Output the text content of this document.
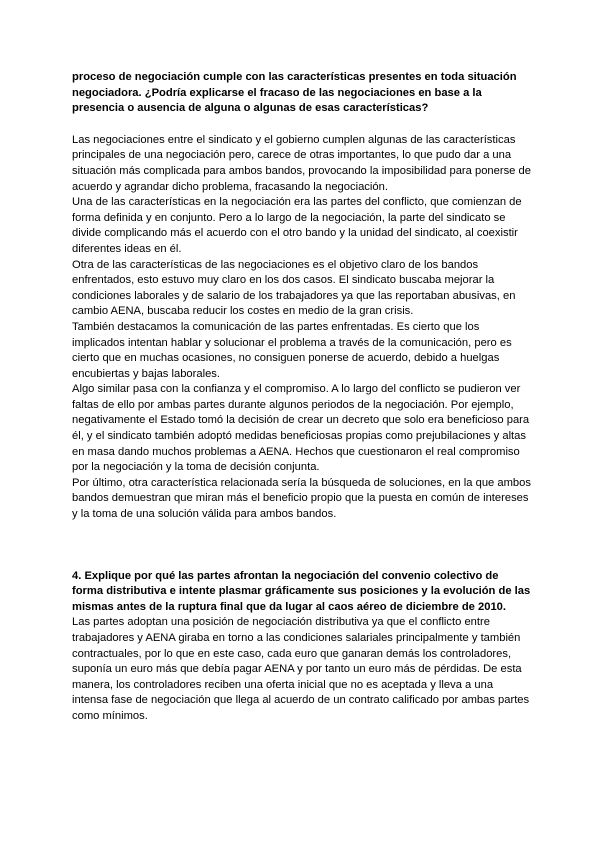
proceso de negociación cumple con las características presentes en toda situación negociadora. ¿Podría explicarse el fracaso de las negociaciones en base a la presencia o ausencia de alguna o algunas de esas características?

Las negociaciones entre el sindicato y el gobierno cumplen algunas de las características principales de una negociación pero, carece de otras importantes, lo que pudo dar a una situación más complicada para ambos bandos, provocando la imposibilidad para ponerse de acuerdo y agrandar dicho problema, fracasando la negociación.

Una de las características en la negociación era las partes del conflicto, que comienzan de forma definida y en conjunto. Pero a lo largo de la negociación, la parte del sindicato se divide complicando más el acuerdo con el otro bando y la unidad del sindicato, al coexistir diferentes ideas en él.

Otra de las características de las negociaciones es el objetivo claro de los bandos enfrentados, esto estuvo muy claro en los dos casos. El sindicato buscaba mejorar la condiciones laborales y de salario de los trabajadores ya que las reportaban abusivas, en cambio AENA, buscaba reducir los costes en medio de la gran crisis.

También destacamos la comunicación de las partes enfrentadas. Es cierto que los implicados intentan hablar y solucionar el problema a través de la comunicación, pero es cierto que en muchas ocasiones, no consiguen ponerse de acuerdo, debido a huelgas encubiertas y bajas laborales.

Algo similar pasa con la confianza y el compromiso. A lo largo del conflicto se pudieron ver faltas de ello por ambas partes durante algunos periodos de la negociación. Por ejemplo, negativamente el Estado tomó la decisión de crear un decreto que solo era beneficioso para él, y el sindicato también adoptó medidas beneficiosas propias como prejubilaciones y altas en masa dando muchos problemas a AENA. Hechos que cuestionaron el real compromiso por la negociación y la toma de decisión conjunta.

Por último, otra característica relacionada sería la búsqueda de soluciones, en la que ambos bandos demuestran que miran más el beneficio propio que la puesta en común de intereses y la toma de una solución válida para ambos bandos.

4. Explique por qué las partes afrontan la negociación del convenio colectivo de forma distributiva e intente plasmar gráficamente sus posiciones y la evolución de las mismas antes de la ruptura final que da lugar al caos aéreo de diciembre de 2010.

Las partes adoptan una posición de negociación distributiva ya que el conflicto entre trabajadores y AENA giraba en torno a las condiciones salariales principalmente y también contractuales, por lo que en este caso, cada euro que ganaran demás los controladores, suponía un euro más que debía pagar AENA y por tanto un euro más de pérdidas. De esta manera, los controladores reciben una oferta inicial que no es aceptada y lleva a una intensa fase de negociación que llega al acuerdo de un contrato calificado por ambas partes como mínimos.
